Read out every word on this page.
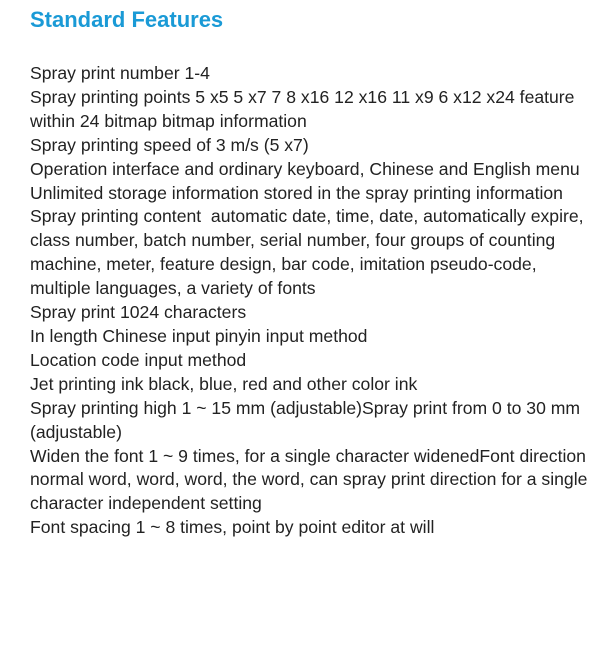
Standard Features
Spray print number 1-4
Spray printing points 5 x5 5 x7 7 8 x16 12 x16 11 x9 6 x12 x24 feature within 24 bitmap bitmap information
Spray printing speed of 3 m/s (5 x7)
Operation interface and ordinary keyboard, Chinese and English menu
Unlimited storage information stored in the spray printing information
Spray printing content  automatic date, time, date, automatically expire, class number, batch number, serial number, four groups of counting machine, meter, feature design, bar code, imitation pseudo-code, multiple languages, a variety of fonts
Spray print 1024 characters
In length Chinese input pinyin input method
Location code input method
Jet printing ink black, blue, red and other color ink
Spray printing high 1 ~ 15 mm (adjustable)Spray print from 0 to 30 mm (adjustable)
Widen the font 1 ~ 9 times, for a single character widenedFont direction normal word, word, word, the word, can spray print direction for a single character independent setting
Font spacing 1 ~ 8 times, point by point editor at will
